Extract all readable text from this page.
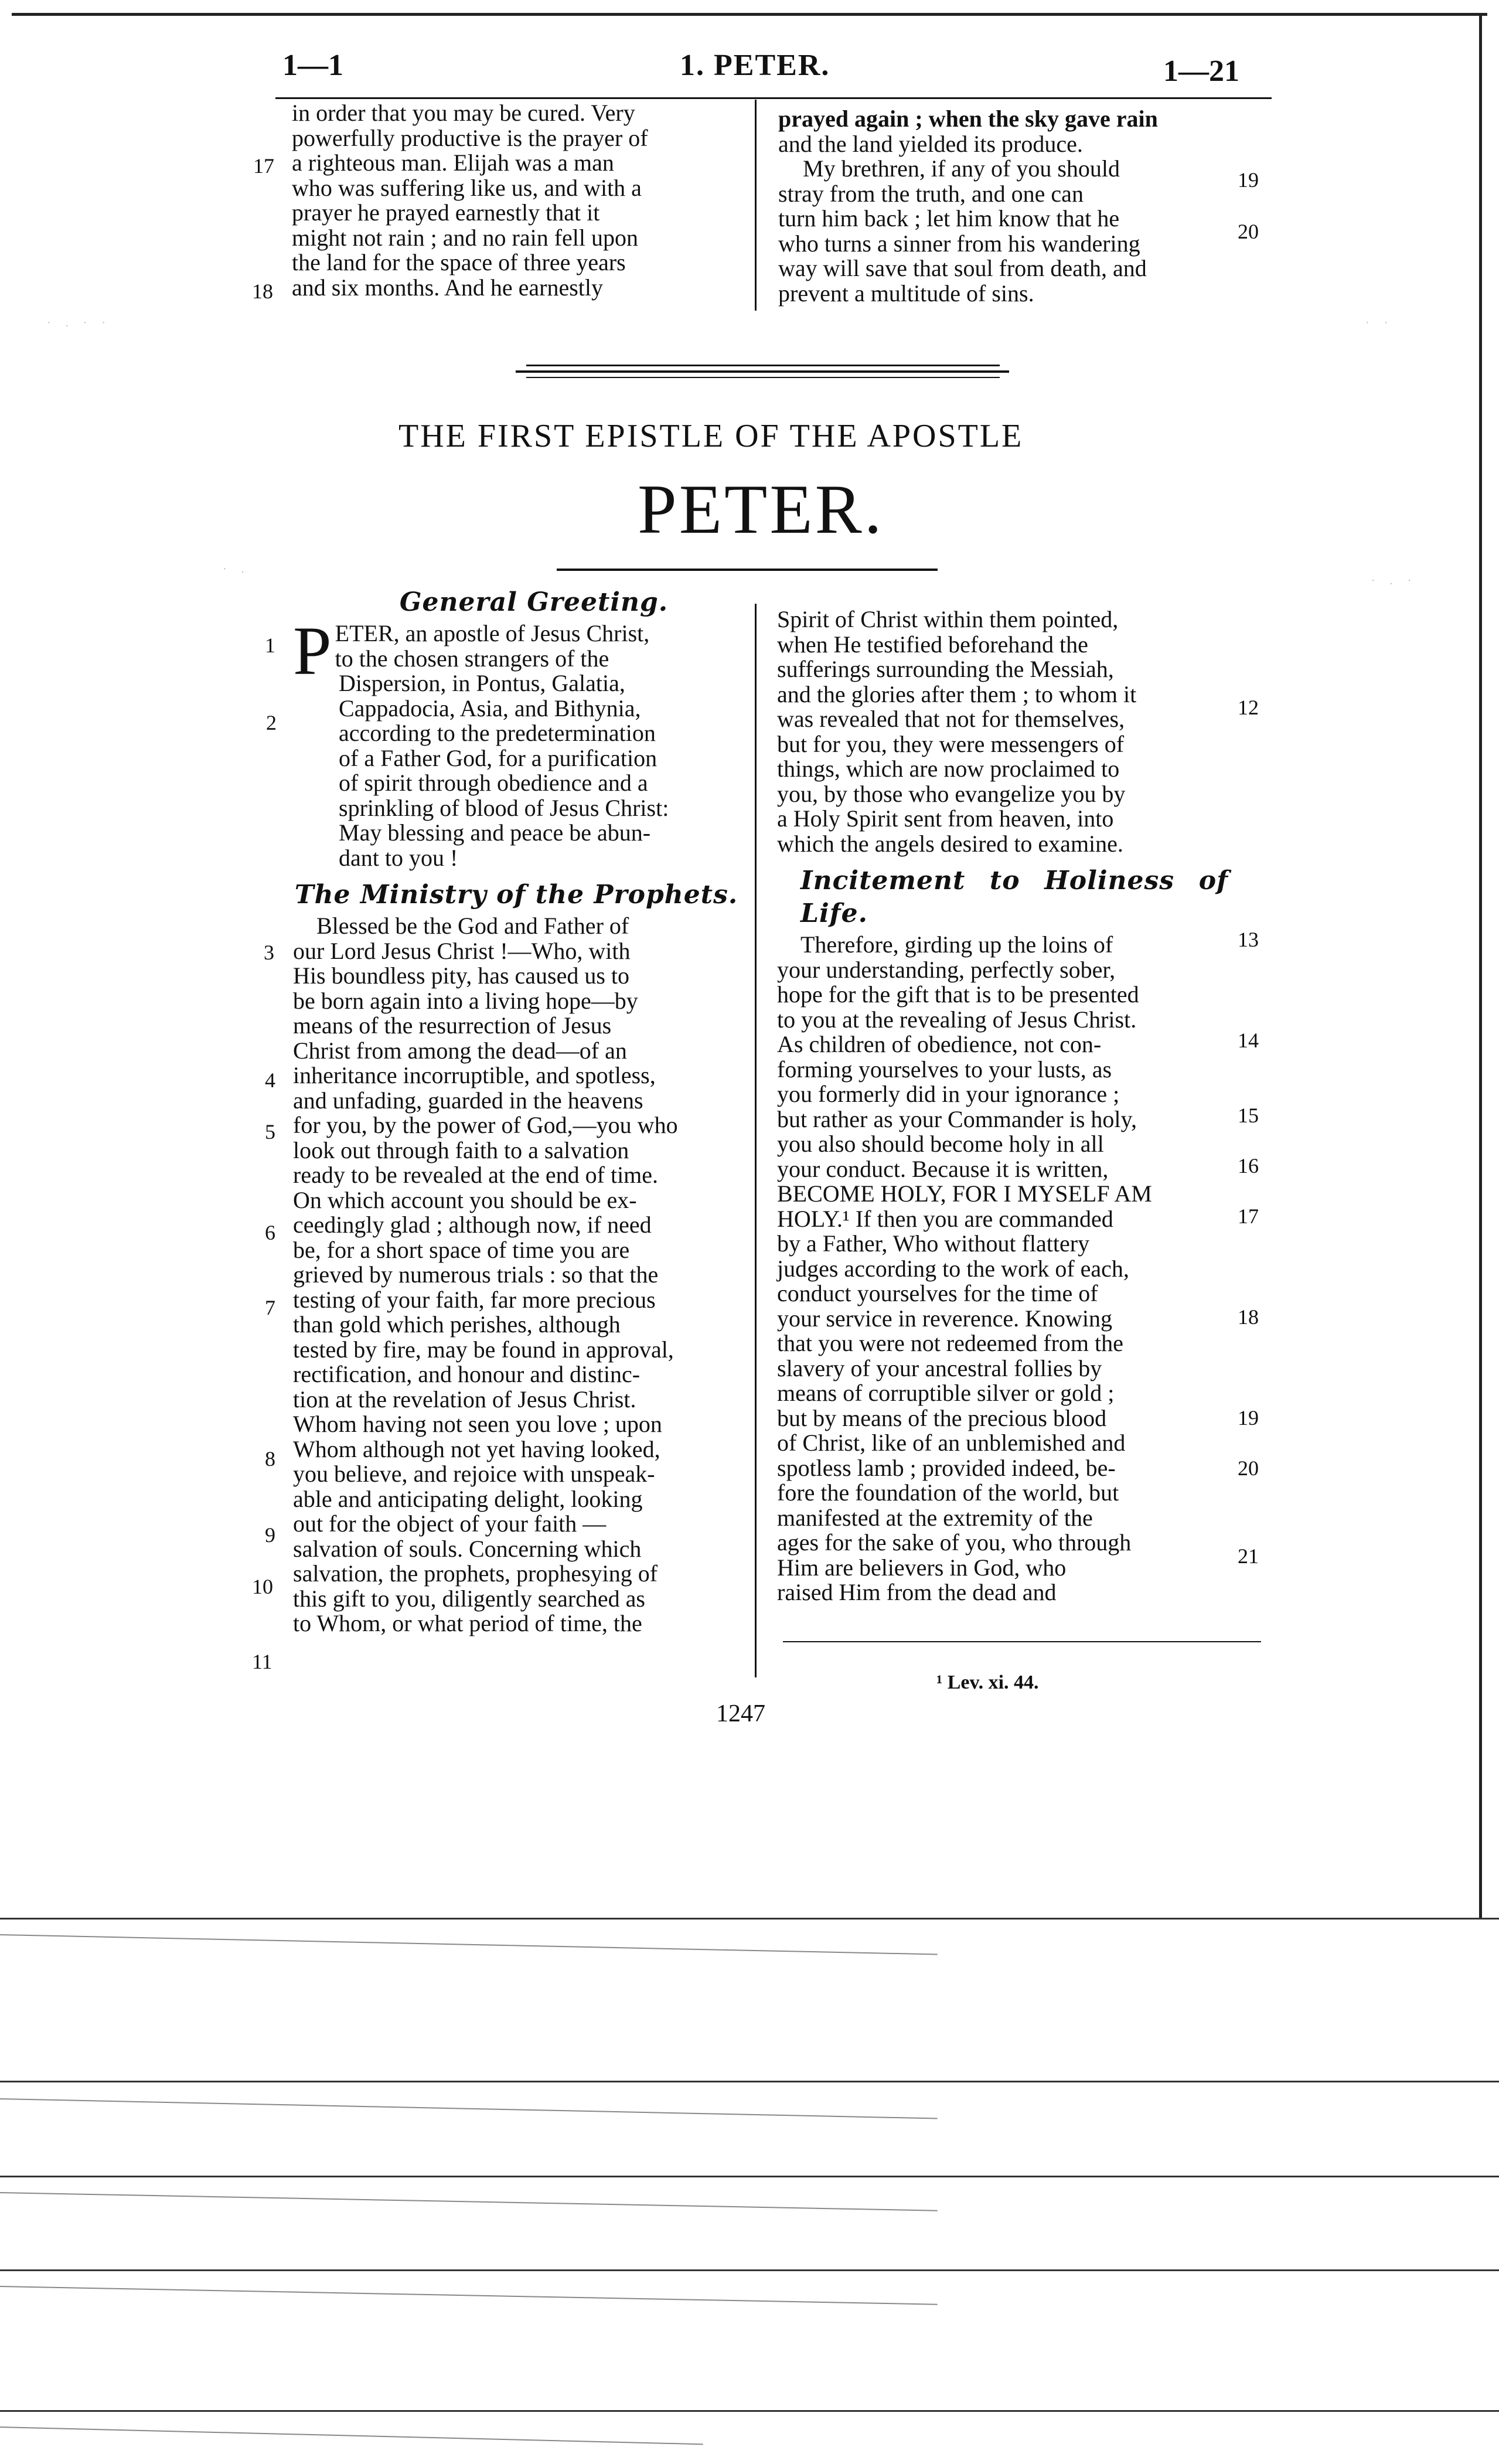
1—1	1. PETER.	1—21
in order that you may be cured. Very
powerfully productive is the prayer of
a righteous man. Elijah was a man
who was suffering like us, and with a
prayer he prayed earnestly that it
might not rain ; and no rain fell upon
the land for the space of three years
and six months. And he earnestly
17
18
prayed again ; when the sky gave rain
and the land yielded its produce.
My brethren, if any of you should
stray from the truth, and one can
turn him back ; let him know that he
who turns a sinner from his wandering
way will save that soul from death, and
prevent a multitude of sins.
19
20
THE FIRST EPISTLE OF THE APOSTLE
PETER.
General Greeting.
P ETER, an apostle of Jesus Christ,
to the chosen strangers of the
Dispersion, in Pontus, Galatia,
Cappadocia, Asia, and Bithynia,
according to the predetermination
of a Father God, for a purification
of spirit through obedience and a
sprinkling of blood of Jesus Christ:
May blessing and peace be abun-
dant to you !
The Ministry of the Prophets.
Blessed be the God and Father of
our Lord Jesus Christ !—Who, with
His boundless pity, has caused us to
be born again into a living hope—by
means of the resurrection of Jesus
Christ from among the dead—of an
inheritance incorruptible, and spotless,
and unfading, guarded in the heavens
for you, by the power of God,—you who
look out through faith to a salvation
ready to be revealed at the end of time.
On which account you should be ex-
ceedingly glad ; although now, if need
be, for a short space of time you are
grieved by numerous trials : so that the
testing of your faith, far more precious
than gold which perishes, although
tested by fire, may be found in approval,
rectification, and honour and distinc-
tion at the revelation of Jesus Christ.
Whom having not seen you love ; upon
Whom although not yet having looked,
you believe, and rejoice with unspeak-
able and anticipating delight, looking
out for the object of your faith —
salvation of souls. Concerning which
salvation, the prophets, prophesying of
this gift to you, diligently searched as
to Whom, or what period of time, the
1
2
3
4
5
6
7
8
9
10
11
Spirit of Christ within them pointed,
when He testified beforehand the
sufferings surrounding the Messiah,
and the glories after them ; to whom it
was revealed that not for themselves,
but for you, they were messengers of
things, which are now proclaimed to
you, by those who evangelize you by
a Holy Spirit sent from heaven, into
which the angels desired to examine.
Incitement to Holiness of Life.
Therefore, girding up the loins of
your understanding, perfectly sober,
hope for the gift that is to be presented
to you at the revealing of Jesus Christ.
As children of obedience, not con-
forming yourselves to your lusts, as
you formerly did in your ignorance ;
but rather as your Commander is holy,
you also should become holy in all
your conduct. Because it is written,
BECOME HOLY, FOR I MYSELF AM
HOLY.¹ If then you are commanded
by a Father, Who without flattery
judges according to the work of each,
conduct yourselves for the time of
your service in reverence. Knowing
that you were not redeemed from the
slavery of your ancestral follies by
means of corruptible silver or gold ;
but by means of the precious blood
of Christ, like of an unblemished and
spotless lamb ; provided indeed, be-
fore the foundation of the world, but
manifested at the extremity of the
ages for the sake of you, who through
Him are believers in God, who
raised Him from the dead and
12
13
14
15
16
17
18
19
20
21
¹ Lev. xi. 44.
1247
· . · ·
· .
· ·
· . ·
